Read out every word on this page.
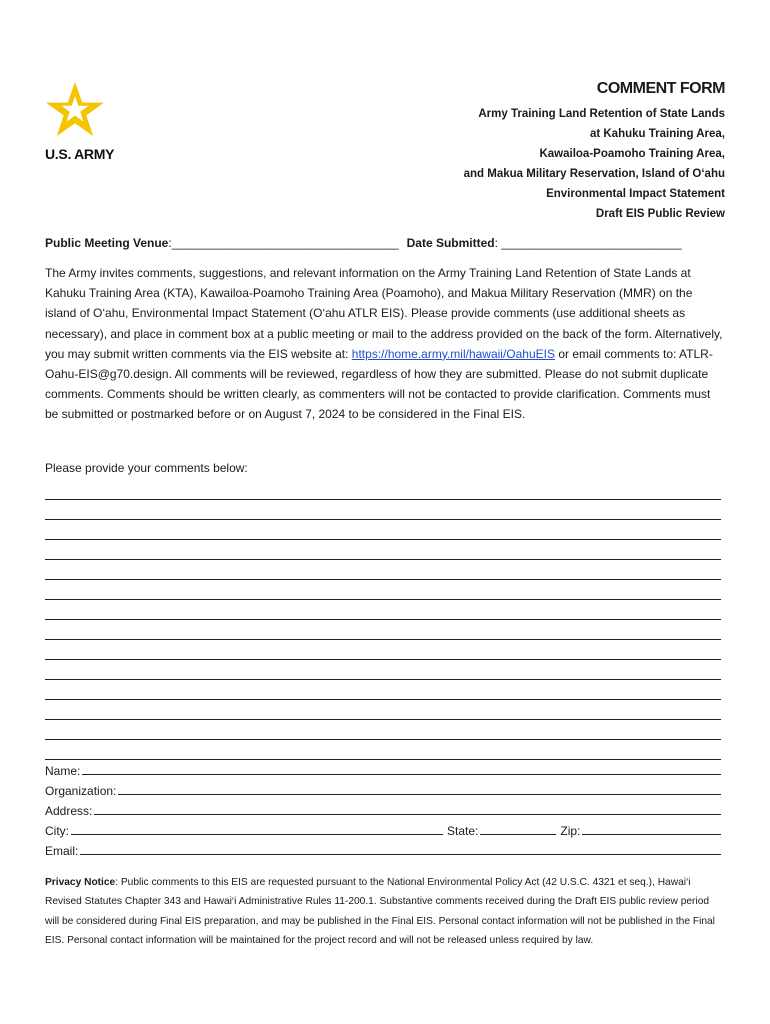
U.S. ARMY
COMMENT FORM
Army Training Land Retention of State Lands
at Kahuku Training Area,
Kawailoa-Poamoho Training Area,
and Makua Military Reservation, Island of O‘ahu
Environmental Impact Statement
Draft EIS Public Review
Public Meeting Venue:__________________________________ Date Submitted: ___________________________
The Army invites comments, suggestions, and relevant information on the Army Training Land Retention of State Lands at Kahuku Training Area (KTA), Kawailoa-Poamoho Training Area (Poamoho), and Makua Military Reservation (MMR) on the island of O‘ahu, Environmental Impact Statement (O‘ahu ATLR EIS). Please provide comments (use additional sheets as necessary), and place in comment box at a public meeting or mail to the address provided on the back of the form. Alternatively, you may submit written comments via the EIS website at: https://home.army.mil/hawaii/OahuEIS or email comments to: ATLR-Oahu-EIS@g70.design. All comments will be reviewed, regardless of how they are submitted. Please do not submit duplicate comments. Comments should be written clearly, as commenters will not be contacted to provide clarification. Comments must be submitted or postmarked before or on August 7, 2024 to be considered in the Final EIS.
Please provide your comments below:
Name:
Organization:
Address:
City:	State:	Zip:
Email:
Privacy Notice: Public comments to this EIS are requested pursuant to the National Environmental Policy Act (42 U.S.C. 4321 et seq.), Hawai‘i Revised Statutes Chapter 343 and Hawai‘i Administrative Rules 11-200.1. Substantive comments received during the Draft EIS public review period will be considered during Final EIS preparation, and may be published in the Final EIS. Personal contact information will not be published in the Final EIS. Personal contact information will be maintained for the project record and will not be released unless required by law.
